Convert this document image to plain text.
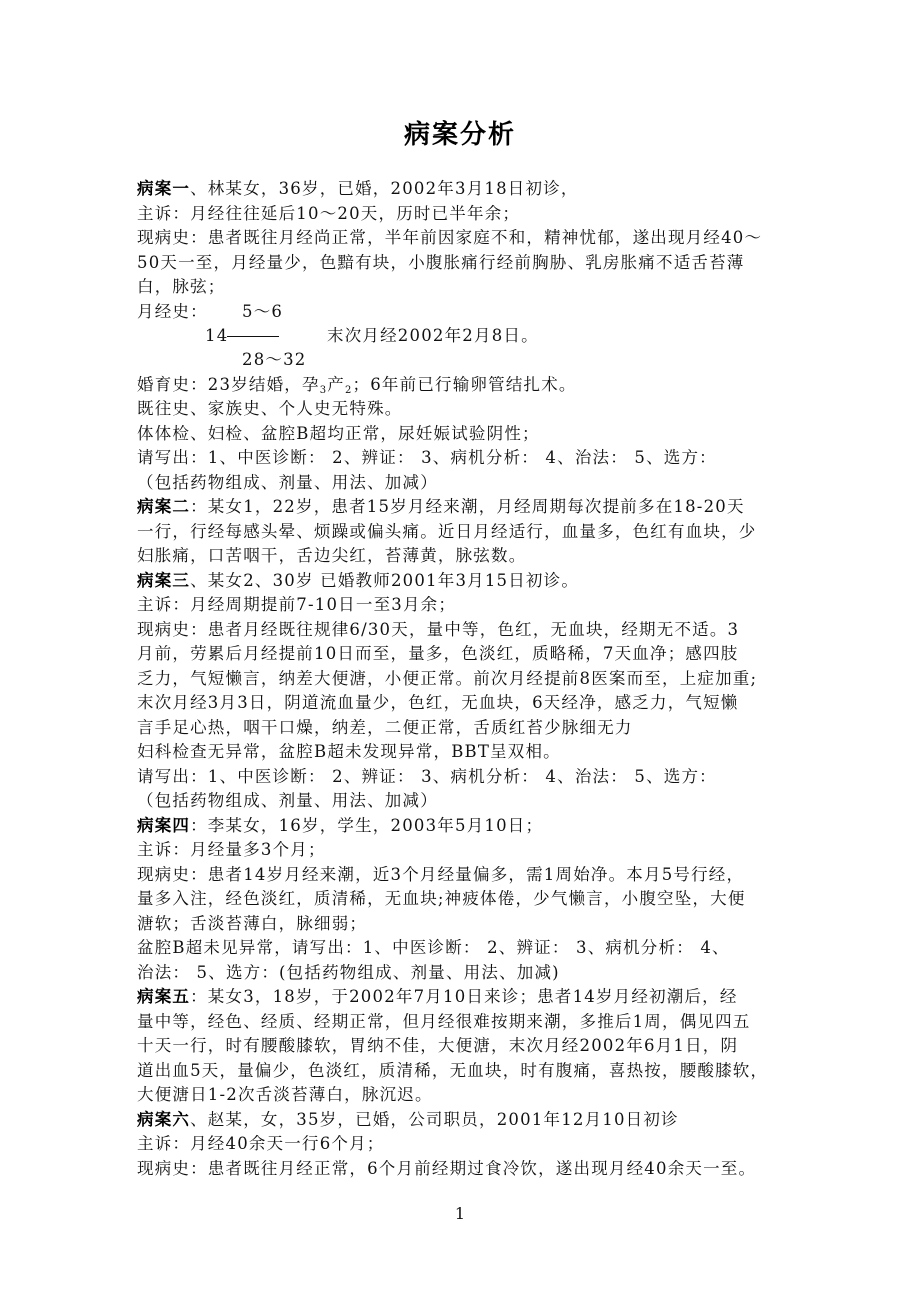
病案分析
病案一、林某女，36岁，已婚，2002年3月18日初诊，
主诉：月经往往延后10～20天，历时已半年余；
现病史：患者既往月经尚正常，半年前因家庭不和，精神忧郁，遂出现月经40～
50天一至，月经量少，色黯有块，小腹胀痛行经前胸胁、乳房胀痛不适舌苔薄
白，脉弦；
月经史： 5～6
14	末次月经2002年2月8日。
28～32
婚育史：23岁结婚，孕$_3$产$_2$；6年前已行输卵管结扎术。
既往史、家族史、个人史无特殊。
体体检、妇检、盆腔B超均正常，尿妊娠试验阴性；
请写出：1、中医诊断： 2、辨证： 3、病机分析： 4、治法： 5、选方：
（包括药物组成、剂量、用法、加减）
病案二：某女1，22岁，患者15岁月经来潮，月经周期每次提前多在18-20天
一行，行经每感头晕、烦躁或偏头痛。近日月经适行，血量多，色红有血块，少
妇胀痛，口苦咽干，舌边尖红，苔薄黄，脉弦数。
病案三、某女2、30岁 已婚教师2001年3月15日初诊。
主诉：月经周期提前7-10日一至3月余；
现病史：患者月经既往规律6/30天，量中等，色红，无血块，经期无不适。3
月前，劳累后月经提前10日而至，量多，色淡红，质略稀，7天血净；感四肢
乏力，气短懒言，纳差大便溏，小便正常。前次月经提前8医案而至，上症加重;
末次月经3月3日，阴道流血量少，色红，无血块，6天经净，感乏力，气短懒
言手足心热，咽干口燥，纳差，二便正常，舌质红苔少脉细无力
妇科检查无异常，盆腔B超未发现异常，BBT呈双相。
请写出：1、中医诊断： 2、辨证： 3、病机分析： 4、治法： 5、选方：
（包括药物组成、剂量、用法、加减）
病案四：李某女，16岁，学生，2003年5月10日；
主诉：月经量多3个月；
现病史：患者14岁月经来潮，近3个月经量偏多，需1周始净。本月5号行经，
量多入注，经色淡红，质清稀，无血块;神疲体倦，少气懒言，小腹空坠，大便
溏软；舌淡苔薄白，脉细弱；
盆腔B超未见异常，请写出：1、中医诊断： 2、辨证： 3、病机分析： 4、
治法： 5、选方：(包括药物组成、剂量、用法、加减)
病案五：某女3，18岁，于2002年7月10日来诊；患者14岁月经初潮后，经
量中等，经色、经质、经期正常，但月经很难按期来潮，多推后1周，偶见四五
十天一行，时有腰酸膝软，胃纳不佳，大便溏，末次月经2002年6月1日，阴
道出血5天，量偏少，色淡红，质清稀，无血块，时有腹痛，喜热按，腰酸膝软，
大便溏日1-2次舌淡苔薄白，脉沉迟。
病案六、赵某，女，35岁，已婚，公司职员，2001年12月10日初诊
主诉：月经40余天一行6个月；
现病史：患者既往月经正常，6个月前经期过食冷饮，遂出现月经40余天一至。
1
